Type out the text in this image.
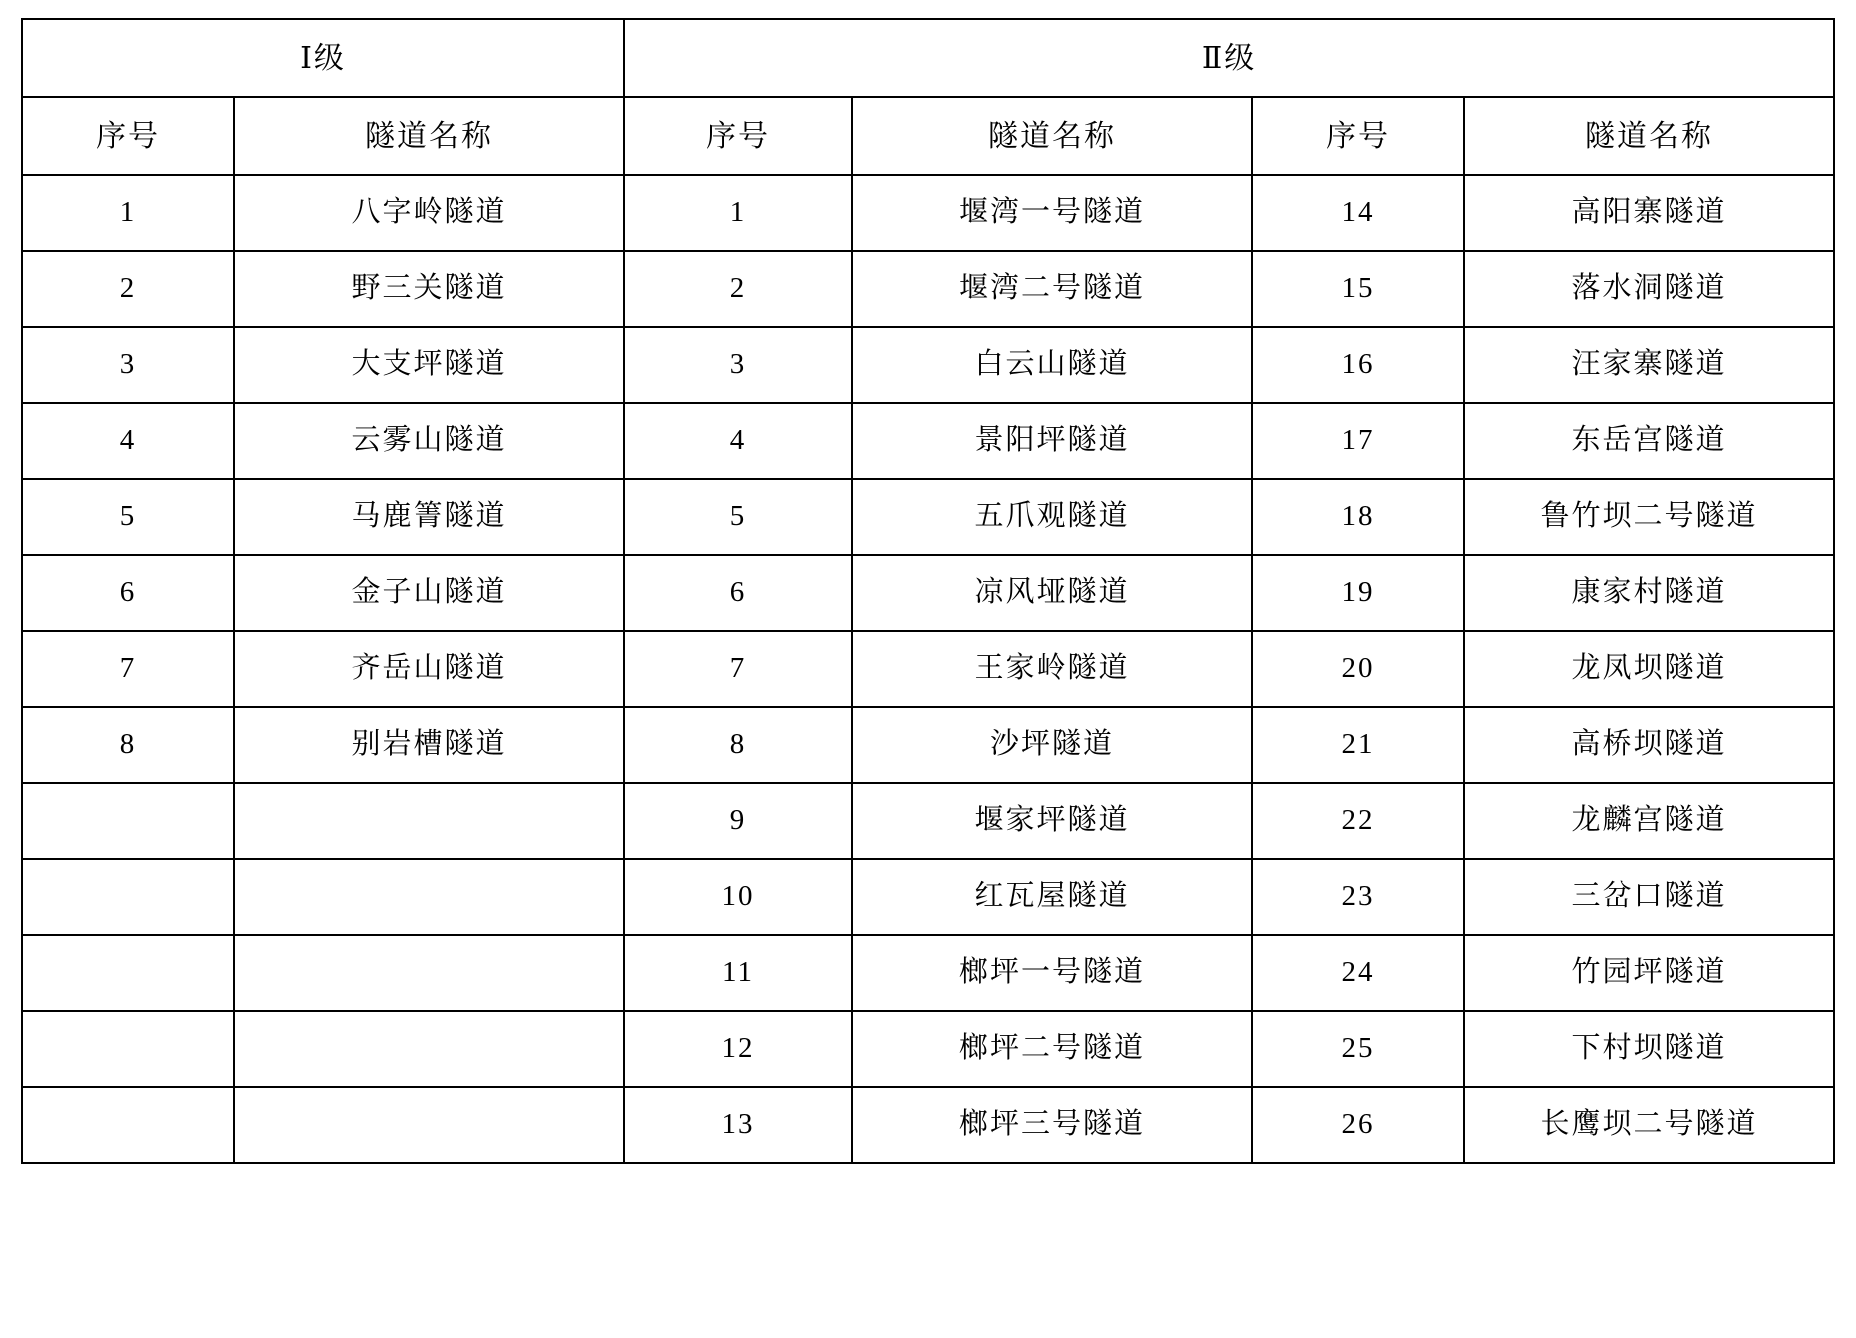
Ⅰ级		Ⅱ级			
序号	隧道名称	序号	隧道名称	序号	隧道名称
1	八字岭隧道	1	堰湾一号隧道	14	高阳寨隧道
2	野三关隧道	2	堰湾二号隧道	15	落水洞隧道
3	大支坪隧道	3	白云山隧道	16	汪家寨隧道
4	云雾山隧道	4	景阳坪隧道	17	东岳宫隧道
5	马鹿箐隧道	5	五爪观隧道	18	鲁竹坝二号隧道
6	金子山隧道	6	凉风垭隧道	19	康家村隧道
7	齐岳山隧道	7	王家岭隧道	20	龙凤坝隧道
8	别岩槽隧道	8	沙坪隧道	21	高桥坝隧道
		9	堰家坪隧道	22	龙麟宫隧道
		10	红瓦屋隧道	23	三岔口隧道
		11	榔坪一号隧道	24	竹园坪隧道
		12	榔坪二号隧道	25	下村坝隧道
		13	榔坪三号隧道	26	长鹰坝二号隧道
